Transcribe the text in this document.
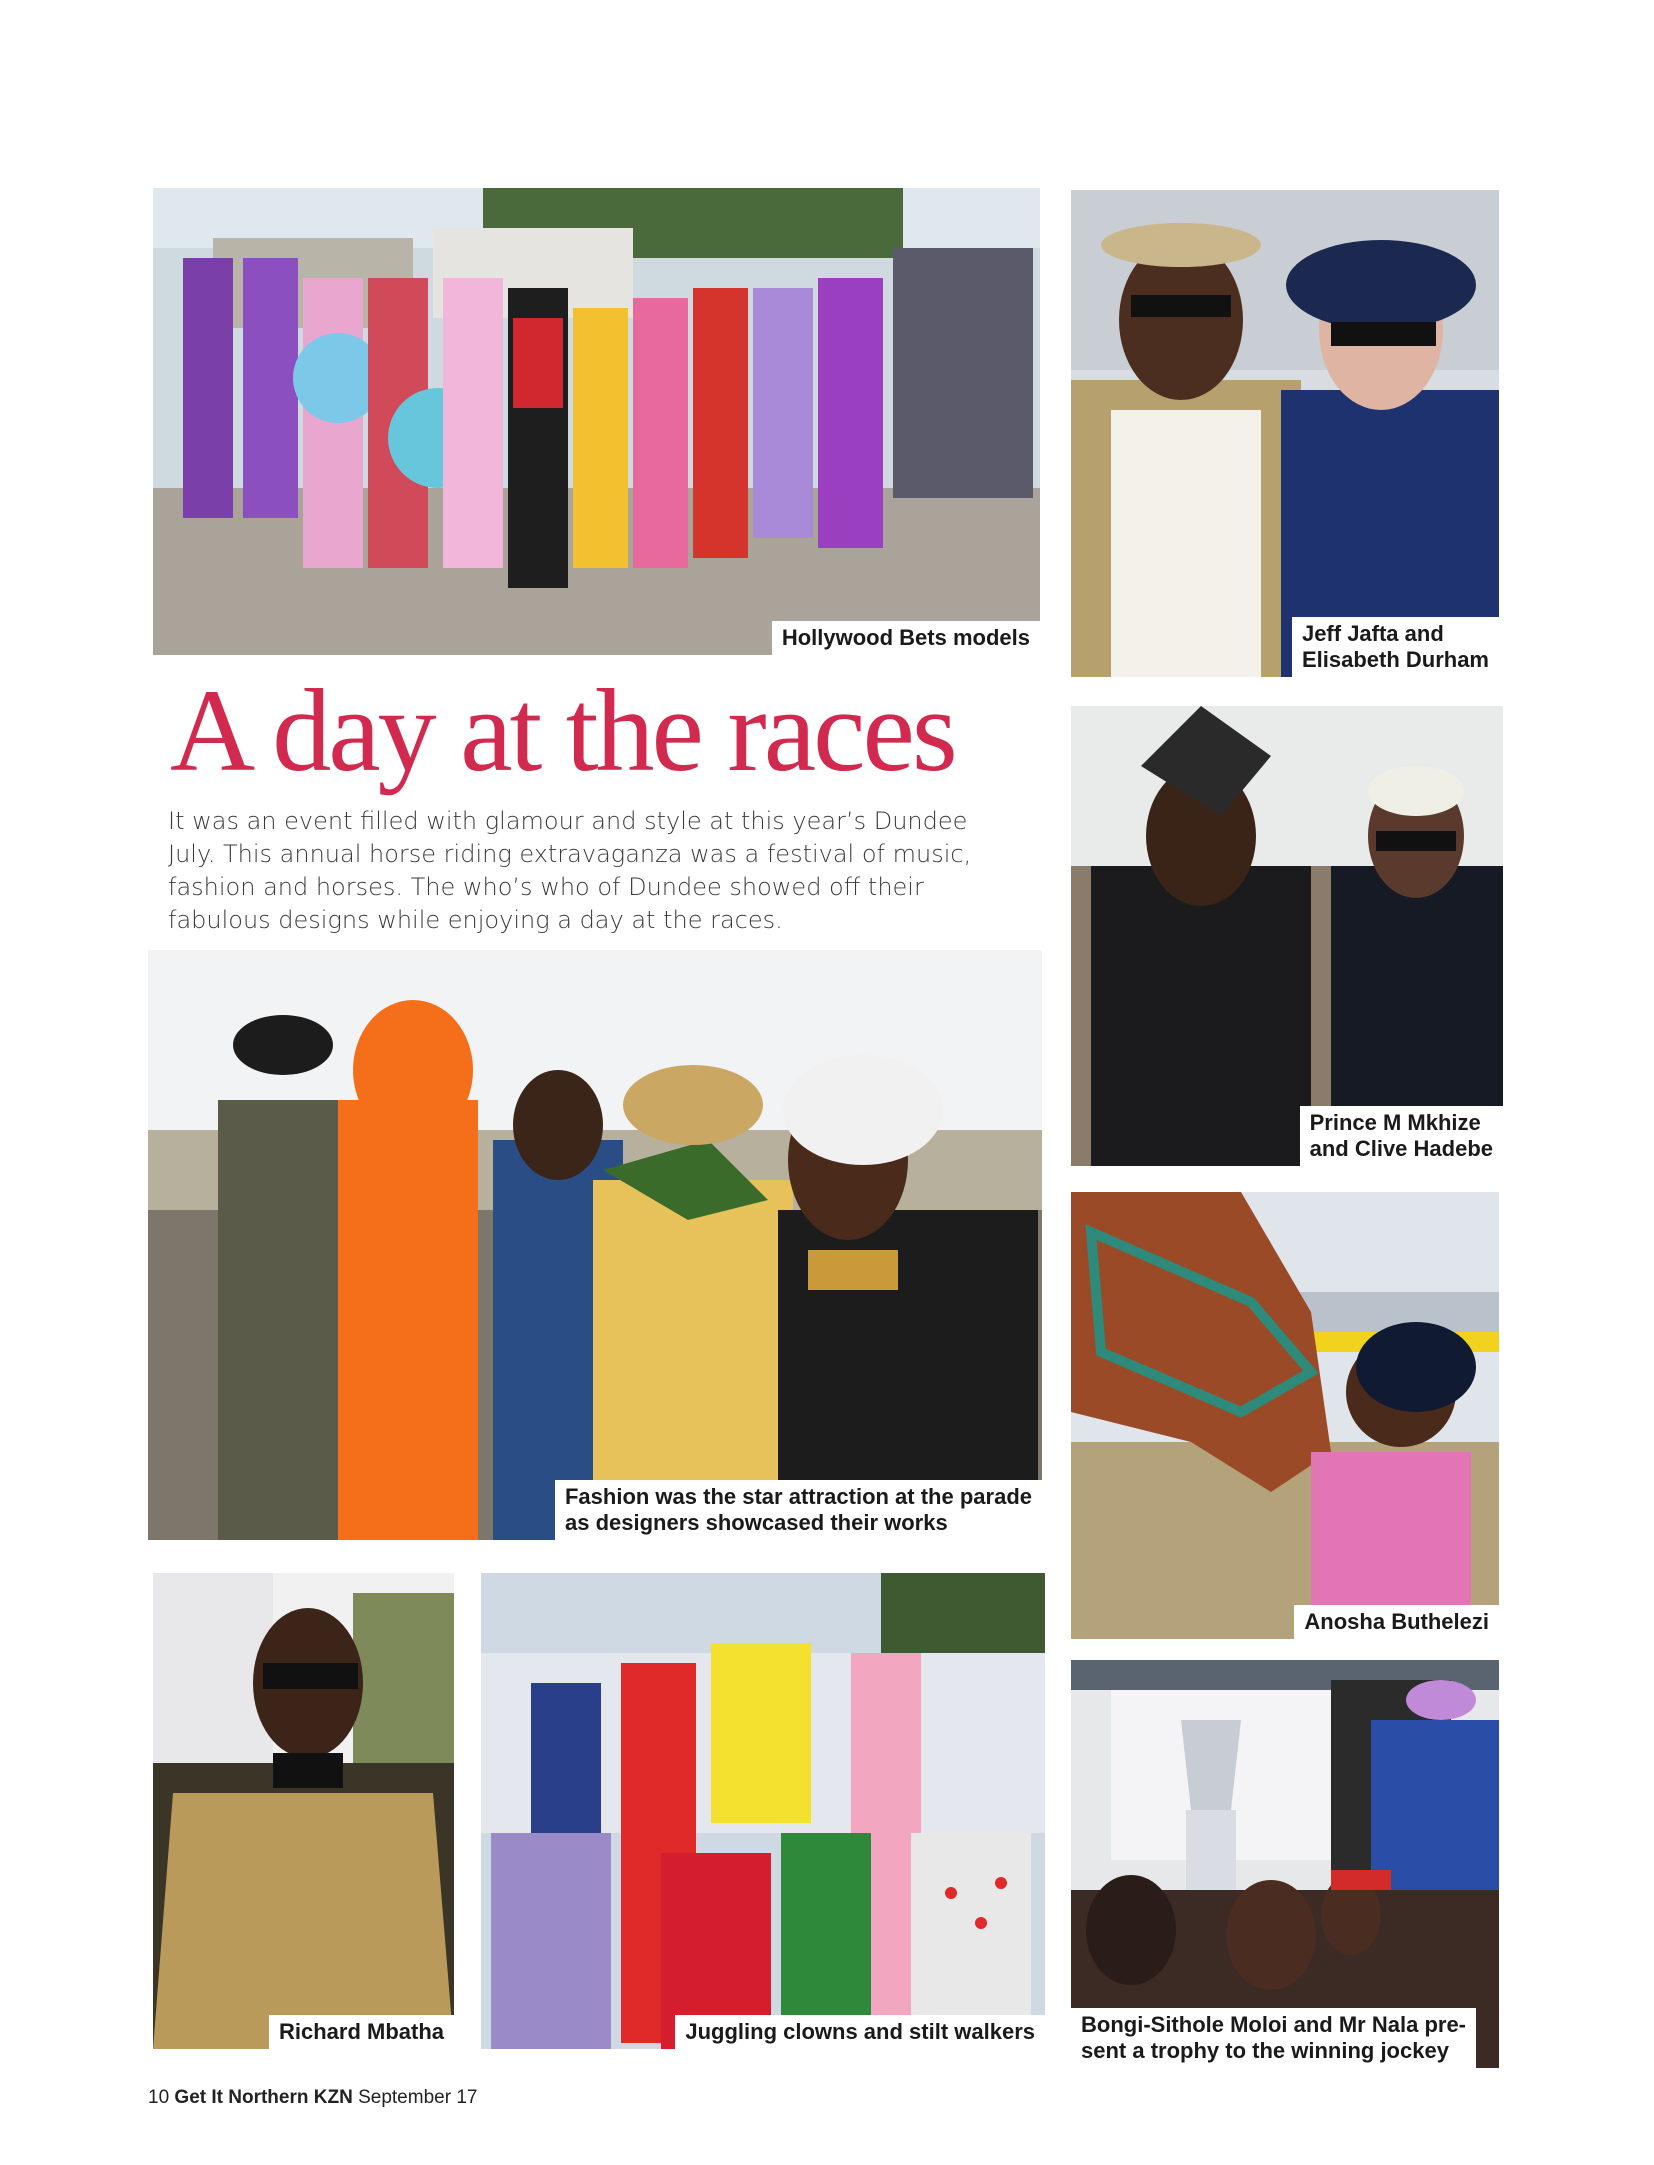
Hollywood Bets models	Jeff Jafta and
Elisabeth Durham
A day at the races

It was an event filled with glamour and style at this year’s Dundee July. This annual horse riding extravaganza was a festival of music, fashion and horses. The who’s who of Dundee showed off their fabulous designs while enjoying a day at the races.

Prince M Mkhize
and Clive Hadebe
Fashion was the star attraction at the parade
as designers showcased their works
Anosha Buthelezi
Richard Mbatha	Juggling clowns and stilt walkers	Bongi-Sithole Moloi and Mr Nala pre-
sent a trophy to the winning jockey
10 Get It Northern KZN September 17
